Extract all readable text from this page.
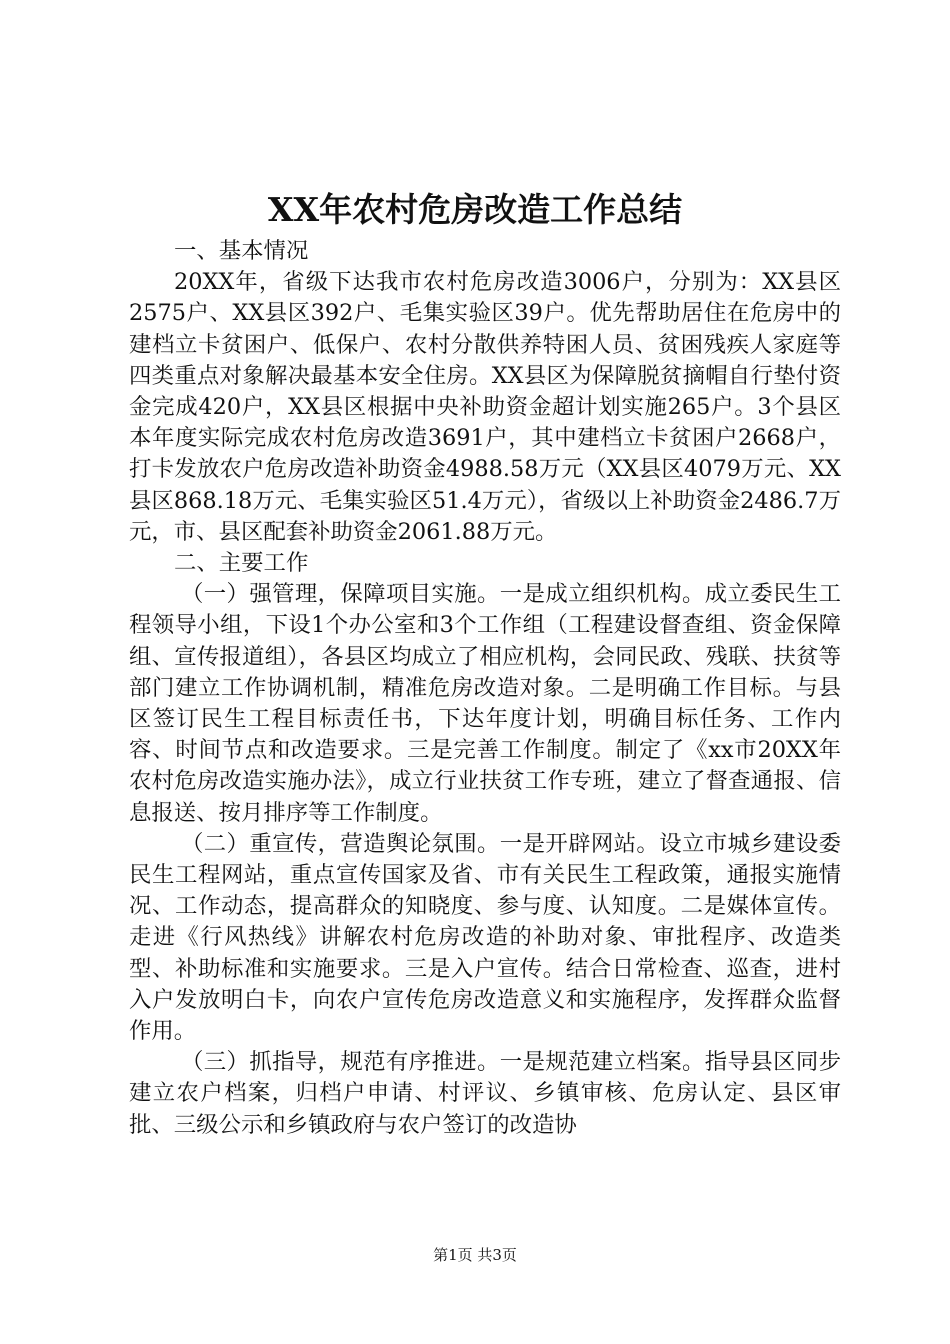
XX年农村危房改造工作总结

一、基本情况

20XX年，省级下达我市农村危房改造3006户，分别为：XX县区2575户、XX县区392户、毛集实验区39户。优先帮助居住在危房中的建档立卡贫困户、低保户、农村分散供养特困人员、贫困残疾人家庭等四类重点对象解决最基本安全住房。XX县区为保障脱贫摘帽自行垫付资金完成420户，XX县区根据中央补助资金超计划实施265户。3个县区本年度实际完成农村危房改造3691户，其中建档立卡贫困户2668户，打卡发放农户危房改造补助资金4988.58万元（XX县区4079万元、XX县区868.18万元、毛集实验区51.4万元），省级以上补助资金2486.7万元，市、县区配套补助资金2061.88万元。

二、主要工作

（一）强管理，保障项目实施。一是成立组织机构。成立委民生工程领导小组，下设1个办公室和3个工作组（工程建设督查组、资金保障组、宣传报道组），各县区均成立了相应机构，会同民政、残联、扶贫等部门建立工作协调机制，精准危房改造对象。二是明确工作目标。与县区签订民生工程目标责任书，下达年度计划，明确目标任务、工作内容、时间节点和改造要求。三是完善工作制度。制定了《xx市20XX年农村危房改造实施办法》，成立行业扶贫工作专班，建立了督查通报、信息报送、按月排序等工作制度。

（二）重宣传，营造舆论氛围。一是开辟网站。设立市城乡建设委民生工程网站，重点宣传国家及省、市有关民生工程政策，通报实施情况、工作动态，提高群众的知晓度、参与度、认知度。二是媒体宣传。走进《行风热线》讲解农村危房改造的补助对象、审批程序、改造类型、补助标准和实施要求。三是入户宣传。结合日常检查、巡查，进村入户发放明白卡，向农户宣传危房改造意义和实施程序，发挥群众监督作用。

（三）抓指导，规范有序推进。一是规范建立档案。指导县区同步建立农户档案，归档户申请、村评议、乡镇审核、危房认定、县区审批、三级公示和乡镇政府与农户签订的改造协

第1页 共3页
